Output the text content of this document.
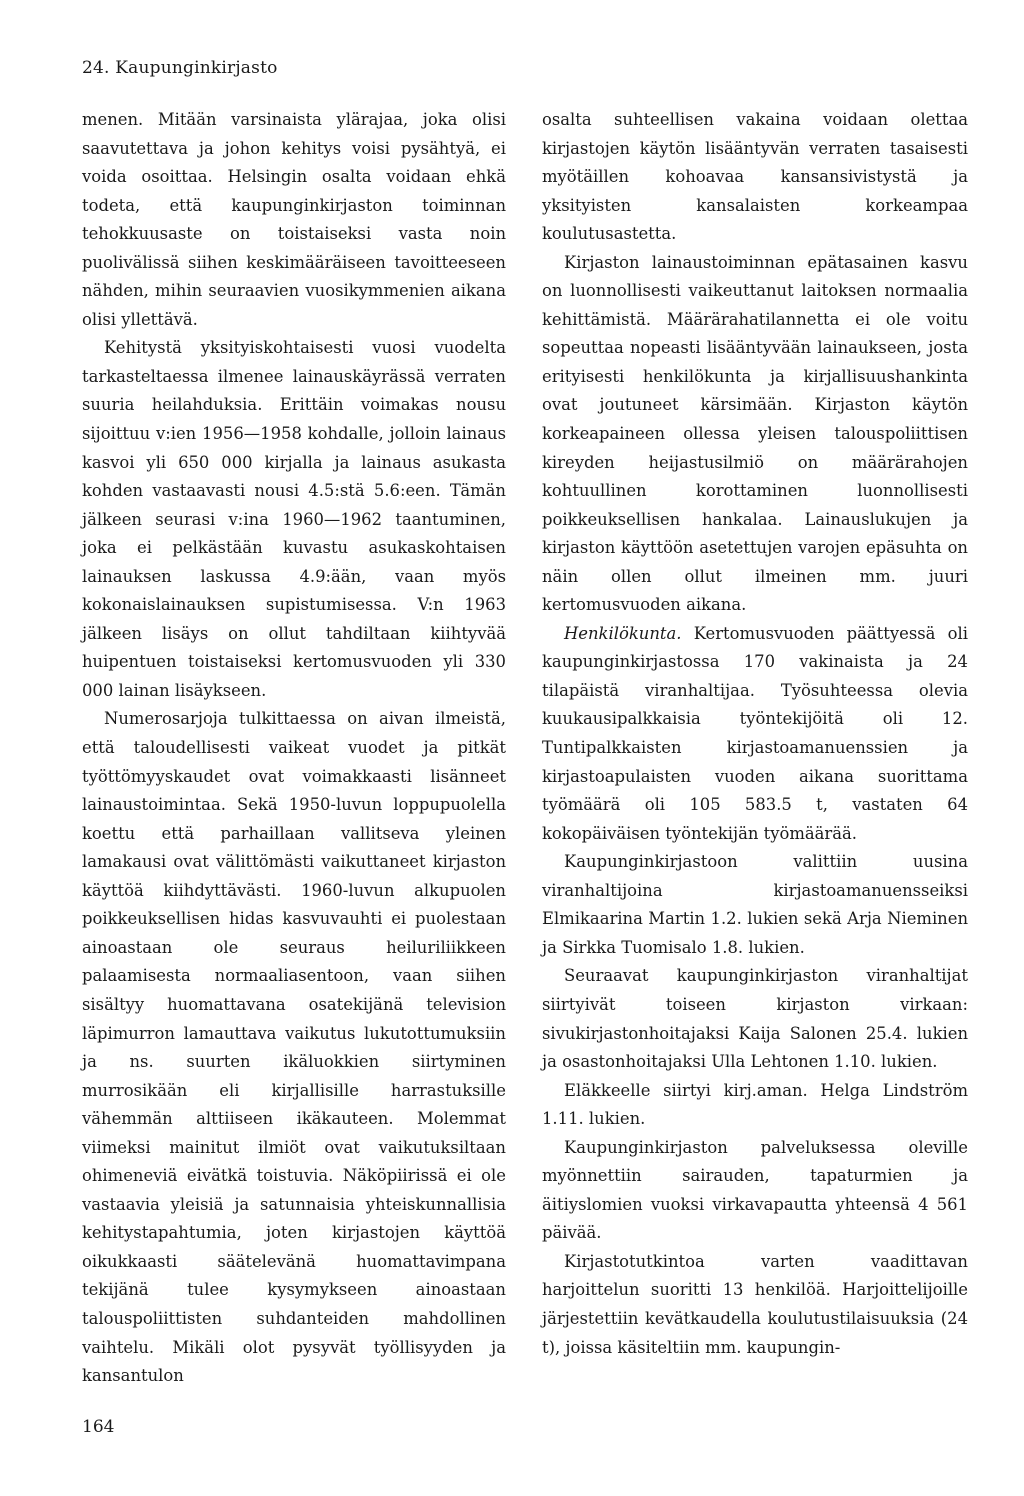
24. Kaupunginkirjasto

menen. Mitään varsinaista ylärajaa, joka olisi saavutettava ja johon kehitys voisi pysähtyä, ei voida osoittaa. Helsingin osalta voidaan ehkä todeta, että kaupunginkirjaston toiminnan tehokkuusaste on toistaiseksi vasta noin puolivälissä siihen keskimääräiseen tavoitteeseen nähden, mihin seuraavien vuosikymmenien aikana olisi yllettävä.

Kehitystä yksityiskohtaisesti vuosi vuodelta tarkasteltaessa ilmenee lainauskäyrässä verraten suuria heilahduksia. Erittäin voimakas nousu sijoittuu v:ien 1956—1958 kohdalle, jolloin lainaus kasvoi yli 650 000 kirjalla ja lainaus asukasta kohden vastaavasti nousi 4.5:stä 5.6:een. Tämän jälkeen seurasi v:ina 1960—1962 taantuminen, joka ei pelkästään kuvastu asukaskohtaisen lainauksen laskussa 4.9:ään, vaan myös kokonaislainauksen supistumisessa. V:n 1963 jälkeen lisäys on ollut tahdiltaan kiihtyvää huipentuen toistaiseksi kertomusvuoden yli 330 000 lainan lisäykseen.

Numerosarjoja tulkittaessa on aivan ilmeistä, että taloudellisesti vaikeat vuodet ja pitkät työttömyyskaudet ovat voimakkaasti lisänneet lainaustoimintaa. Sekä 1950-luvun loppupuolella koettu että parhaillaan vallitseva yleinen lamakausi ovat välittömästi vaikuttaneet kirjaston käyttöä kiihdyttävästi. 1960-luvun alkupuolen poikkeuksellisen hidas kasvuvauhti ei puolestaan ainoastaan ole seuraus heiluriliikkeen palaamisesta normaaliasentoon, vaan siihen sisältyy huomattavana osatekijänä television läpimurron lamauttava vaikutus lukutottumuksiin ja ns. suurten ikäluokkien siirtyminen murrosikään eli kirjallisille harrastuksille vähemmän alttiiseen ikäkauteen. Molemmat viimeksi mainitut ilmiöt ovat vaikutuksiltaan ohimeneviä eivätkä toistuvia. Näköpiirissä ei ole vastaavia yleisiä ja satunnaisia yhteiskunnallisia kehitystapahtumia, joten kirjastojen käyttöä oikukkaasti säätelevänä huomattavimpana tekijänä tulee kysymykseen ainoastaan talouspoliittisten suhdanteiden mahdollinen vaihtelu. Mikäli olot pysyvät työllisyyden ja kansantulon

osalta suhteellisen vakaina voidaan olettaa kirjastojen käytön lisääntyvän verraten tasaisesti myötäillen kohoavaa kansansivistystä ja yksityisten kansalaisten korkeampaa koulutusastetta.

Kirjaston lainaustoiminnan epätasainen kasvu on luonnollisesti vaikeuttanut laitoksen normaalia kehittämistä. Määrärahatilannetta ei ole voitu sopeuttaa nopeasti lisääntyvään lainaukseen, josta erityisesti henkilökunta ja kirjallisuushankinta ovat joutuneet kärsimään. Kirjaston käytön korkeapaineen ollessa yleisen talouspoliittisen kireyden heijastusilmiö on määrärahojen kohtuullinen korottaminen luonnollisesti poikkeuksellisen hankalaa. Lainauslukujen ja kirjaston käyttöön asetettujen varojen epäsuhta on näin ollen ollut ilmeinen mm. juuri kertomusvuoden aikana.

Henkilökunta. Kertomusvuoden päättyessä oli kaupunginkirjastossa 170 vakinaista ja 24 tilapäistä viranhaltijaa. Työsuhteessa olevia kuukausipalkkaisia työntekijöitä oli 12. Tuntipalkkaisten kirjastoamanuenssien ja kirjastoapulaisten vuoden aikana suorittama työmäärä oli 105 583.5 t, vastaten 64 kokopäiväisen työntekijän työmäärää.

Kaupunginkirjastoon valittiin uusina viranhaltijoina kirjastoamanuensseiksi Elmikaarina Martin 1.2. lukien sekä Arja Nieminen ja Sirkka Tuomisalo 1.8. lukien.

Seuraavat kaupunginkirjaston viranhaltijat siirtyivät toiseen kirjaston virkaan: sivukirjastonhoitajaksi Kaija Salonen 25.4. lukien ja osastonhoitajaksi Ulla Lehtonen 1.10. lukien.

Eläkkeelle siirtyi kirj.aman. Helga Lindström 1.11. lukien.

Kaupunginkirjaston palveluksessa oleville myönnettiin sairauden, tapaturmien ja äitiyslomien vuoksi virkavapautta yhteensä 4 561 päivää.

Kirjastotutkintoa varten vaadittavan harjoittelun suoritti 13 henkilöä. Harjoittelijoille järjestettiin kevätkaudella koulutustilaisuuksia (24 t), joissa käsiteltiin mm. kaupungin-

164
